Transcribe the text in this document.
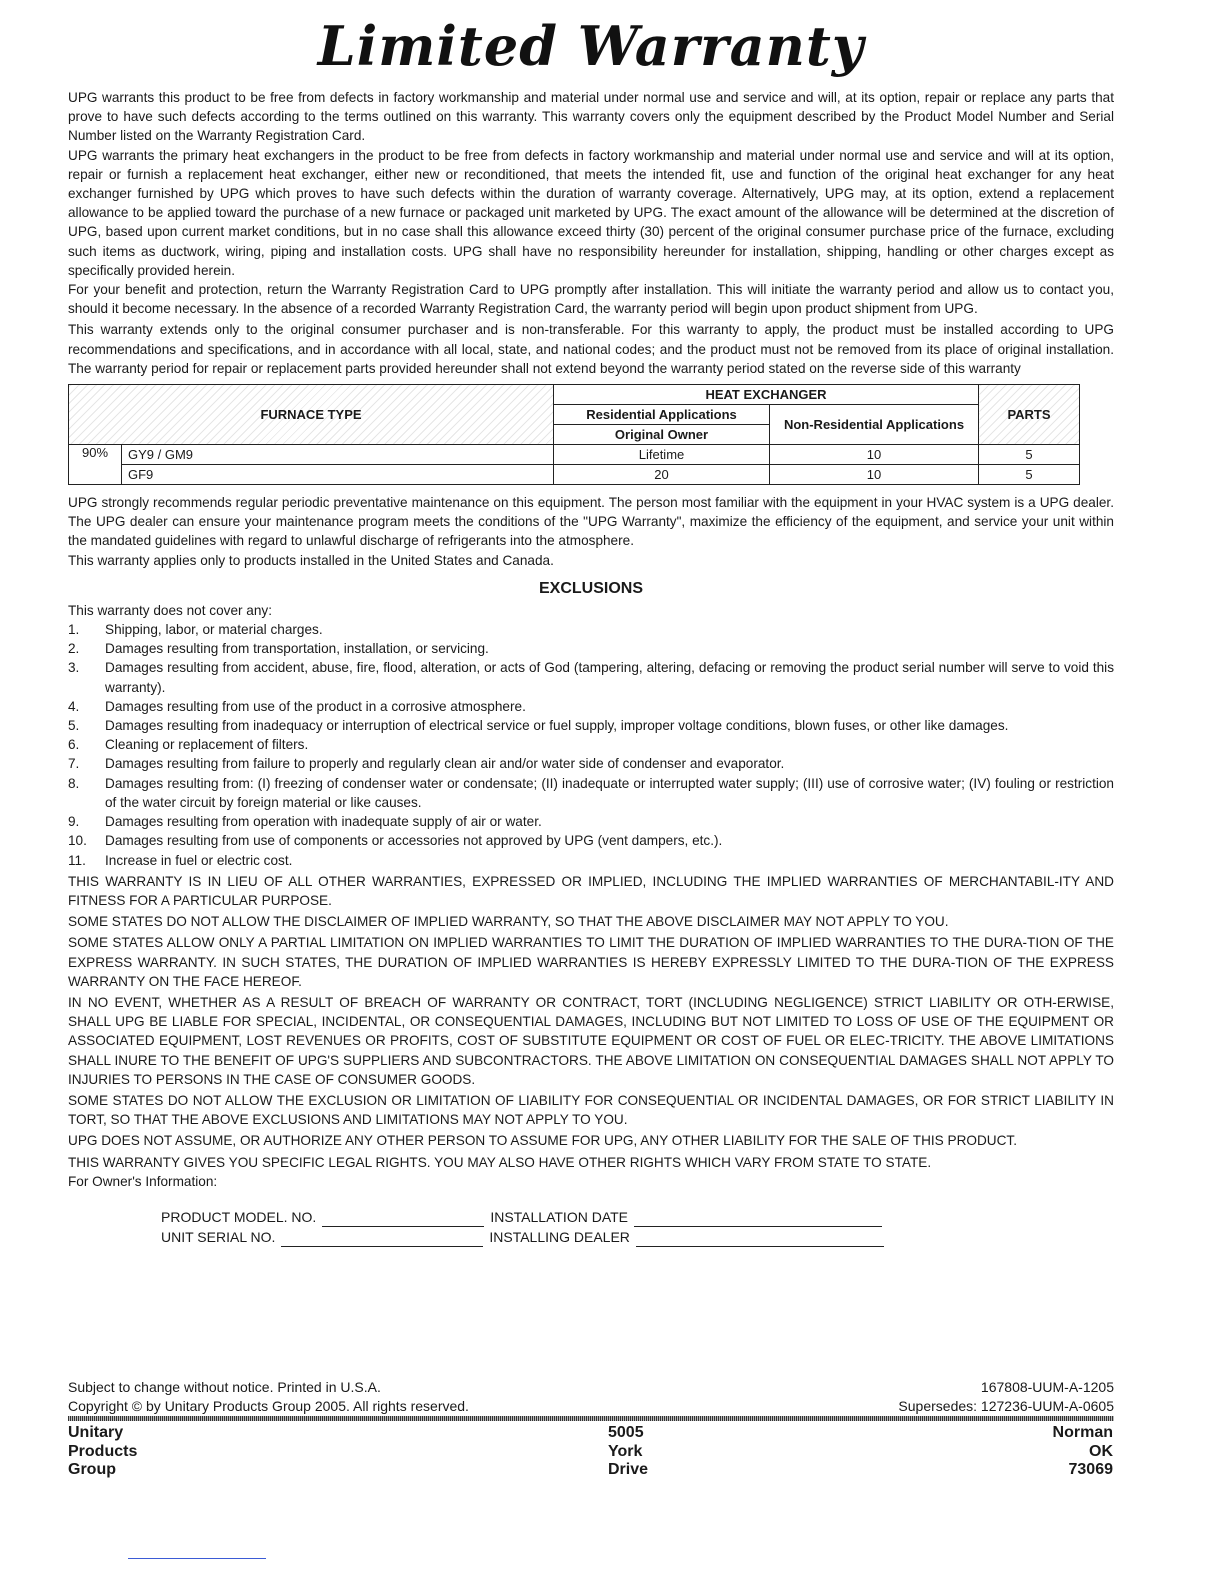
Limited Warranty

UPG warrants this product to be free from defects in factory workmanship and material under normal use and service and will, at its option, repair or replace any parts that prove to have such defects according to the terms outlined on this warranty. This warranty covers only the equipment described by the Product Model Number and Serial Number listed on the Warranty Registration Card.

UPG warrants the primary heat exchangers in the product to be free from defects in factory workmanship and material under normal use and service and will at its option, repair or furnish a replacement heat exchanger, either new or reconditioned, that meets the intended fit, use and function of the original heat exchanger for any heat exchanger furnished by UPG which proves to have such defects within the duration of warranty coverage. Alternatively, UPG may, at its option, extend a replacement allowance to be applied toward the purchase of a new furnace or packaged unit marketed by UPG. The exact amount of the allowance will be determined at the discretion of UPG, based upon current market conditions, but in no case shall this allowance exceed thirty (30) percent of the original consumer purchase price of the furnace, excluding such items as ductwork, wiring, piping and installation costs. UPG shall have no responsibility hereunder for installation, shipping, handling or other charges except as specifically provided herein.

For your benefit and protection, return the Warranty Registration Card to UPG promptly after installation. This will initiate the warranty period and allow us to contact you, should it become necessary. In the absence of a recorded Warranty Registration Card, the warranty period will begin upon product shipment from UPG.

This warranty extends only to the original consumer purchaser and is non-transferable. For this warranty to apply, the product must be installed according to UPG recommendations and specifications, and in accordance with all local, state, and national codes; and the product must not be removed from its place of original installation. The warranty period for repair or replacement parts provided hereunder shall not extend beyond the warranty period stated on the reverse side of this warranty

FURNACE TYPE		HEAT EXCHANGER		PARTS
		Residential Applications	Non-Residential Applications	
		Original Owner		
90%	GY9 / GM9	Lifetime	10	5
	GF9	20	10	5

UPG strongly recommends regular periodic preventative maintenance on this equipment. The person most familiar with the equipment in your HVAC system is a UPG dealer. The UPG dealer can ensure your maintenance program meets the conditions of the "UPG Warranty", maximize the efficiency of the equipment, and service your unit within the mandated guidelines with regard to unlawful discharge of refrigerants into the atmosphere.

This warranty applies only to products installed in the United States and Canada.

EXCLUSIONS

This warranty does not cover any:

1.	Shipping, labor, or material charges.
2.	Damages resulting from transportation, installation, or servicing.
3.	Damages resulting from accident, abuse, fire, flood, alteration, or acts of God (tampering, altering, defacing or removing the product serial number will serve to void this warranty).
4.	Damages resulting from use of the product in a corrosive atmosphere.
5.	Damages resulting from inadequacy or interruption of electrical service or fuel supply, improper voltage conditions, blown fuses, or other like damages.
6.	Cleaning or replacement of filters.
7.	Damages resulting from failure to properly and regularly clean air and/or water side of condenser and evaporator.
8.	Damages resulting from: (I) freezing of condenser water or condensate; (II) inadequate or interrupted water supply; (III) use of corrosive water; (IV) fouling or restriction of the water circuit by foreign material or like causes.
9.	Damages resulting from operation with inadequate supply of air or water.
10.	Damages resulting from use of components or accessories not approved by UPG (vent dampers, etc.).
11.	Increase in fuel or electric cost.

THIS WARRANTY IS IN LIEU OF ALL OTHER WARRANTIES, EXPRESSED OR IMPLIED, INCLUDING THE IMPLIED WARRANTIES OF MERCHANTABIL-ITY AND FITNESS FOR A PARTICULAR PURPOSE.

SOME STATES DO NOT ALLOW THE DISCLAIMER OF IMPLIED WARRANTY, SO THAT THE ABOVE DISCLAIMER MAY NOT APPLY TO YOU.

SOME STATES ALLOW ONLY A PARTIAL LIMITATION ON IMPLIED WARRANTIES TO LIMIT THE DURATION OF IMPLIED WARRANTIES TO THE DURA-TION OF THE EXPRESS WARRANTY. IN SUCH STATES, THE DURATION OF IMPLIED WARRANTIES IS HEREBY EXPRESSLY LIMITED TO THE DURA-TION OF THE EXPRESS WARRANTY ON THE FACE HEREOF.

IN NO EVENT, WHETHER AS A RESULT OF BREACH OF WARRANTY OR CONTRACT, TORT (INCLUDING NEGLIGENCE) STRICT LIABILITY OR OTH-ERWISE, SHALL UPG BE LIABLE FOR SPECIAL, INCIDENTAL, OR CONSEQUENTIAL DAMAGES, INCLUDING BUT NOT LIMITED TO LOSS OF USE OF THE EQUIPMENT OR ASSOCIATED EQUIPMENT, LOST REVENUES OR PROFITS, COST OF SUBSTITUTE EQUIPMENT OR COST OF FUEL OR ELEC-TRICITY. THE ABOVE LIMITATIONS SHALL INURE TO THE BENEFIT OF UPG'S SUPPLIERS AND SUBCONTRACTORS. THE ABOVE LIMITATION ON CONSEQUENTIAL DAMAGES SHALL NOT APPLY TO INJURIES TO PERSONS IN THE CASE OF CONSUMER GOODS.

SOME STATES DO NOT ALLOW THE EXCLUSION OR LIMITATION OF LIABILITY FOR CONSEQUENTIAL OR INCIDENTAL DAMAGES, OR FOR STRICT LIABILITY IN TORT, SO THAT THE ABOVE EXCLUSIONS AND LIMITATIONS MAY NOT APPLY TO YOU.

UPG DOES NOT ASSUME, OR AUTHORIZE ANY OTHER PERSON TO ASSUME FOR UPG, ANY OTHER LIABILITY FOR THE SALE OF THIS PRODUCT.

THIS WARRANTY GIVES YOU SPECIFIC LEGAL RIGHTS. YOU MAY ALSO HAVE OTHER RIGHTS WHICH VARY FROM STATE TO STATE.

For Owner's Information:

PRODUCT MODEL. NO.	INSTALLATION DATE
UNIT SERIAL NO.	INSTALLING DEALER
Subject to change without notice. Printed in U.S.A.	167808-UUM-A-1205
Copyright © by Unitary Products Group 2005. All rights reserved.	Supersedes: 127236-UUM-A-0605
Unitary
Products
Group
5005
York
Drive
Norman
OK
73069
